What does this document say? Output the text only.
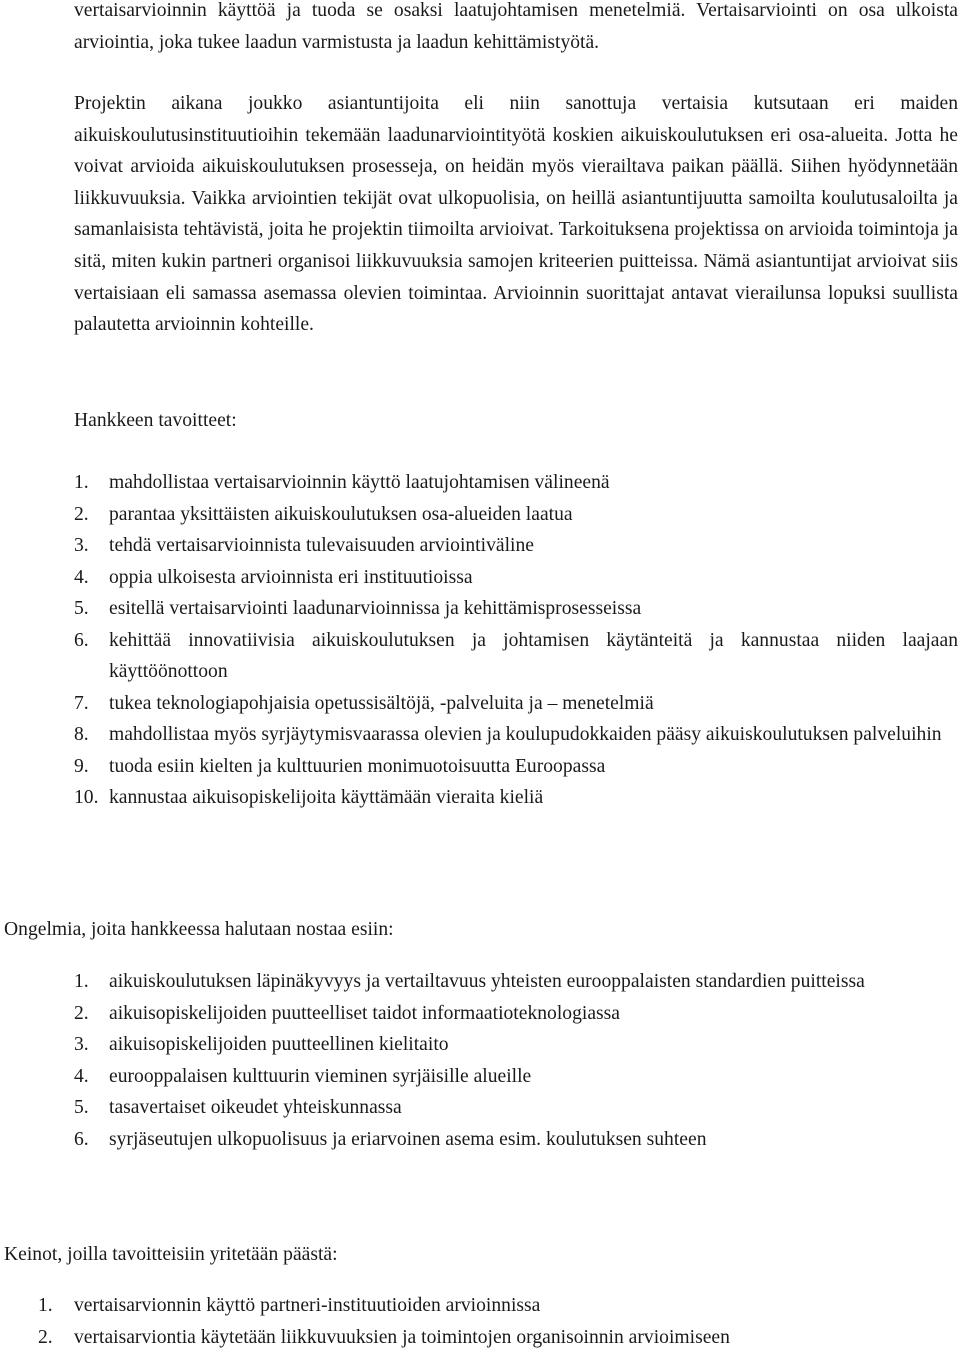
vertaisarvioinnin käyttöä ja tuoda se osaksi laatujohtamisen menetelmiä. Vertaisarviointi on osa ulkoista arviointia, joka tukee laadun varmistusta ja laadun kehittämistyötä.

Projektin aikana joukko asiantuntijoita eli niin sanottuja vertaisia kutsutaan eri maiden aikuiskoulutusinstituutioihin tekemään laadunarviointityötä koskien aikuiskoulutuksen eri osa-alueita. Jotta he voivat arvioida aikuiskoulutuksen prosesseja, on heidän myös vierailtava paikan päällä. Siihen hyödynnetään liikkuvuuksia. Vaikka arviointien tekijät ovat ulkopuolisia, on heillä asiantuntijuutta samoilta koulutusaloilta ja samanlaisista tehtävistä, joita he projektin tiimoilta arvioivat. Tarkoituksena projektissa on arvioida toimintoja ja sitä, miten kukin partneri organisoi liikkuvuuksia samojen kriteerien puitteissa. Nämä asiantuntijat arvioivat siis vertaisiaan eli samassa asemassa olevien toimintaa. Arvioinnin suorittajat antavat vierailunsa lopuksi suullista palautetta arvioinnin kohteille.

Hankkeen tavoitteet:

1.	mahdollistaa vertaisarvioinnin käyttö laatujohtamisen välineenä
2.	parantaa yksittäisten aikuiskoulutuksen osa-alueiden laatua
3.	tehdä vertaisarvioinnista tulevaisuuden arviointiväline
4.	oppia ulkoisesta arvioinnista eri instituutioissa
5.	esitellä vertaisarviointi laadunarvioinnissa ja kehittämisprosesseissa
6.	kehittää innovatiivisia aikuiskoulutuksen ja johtamisen käytänteitä ja kannustaa niiden laajaan käyttöönottoon
7.	tukea teknologiapohjaisia opetussisältöjä, -palveluita ja – menetelmiä
8.	mahdollistaa myös syrjäytymisvaarassa olevien ja koulupudokkaiden pääsy aikuiskoulutuksen palveluihin
9.	tuoda esiin kielten ja kulttuurien monimuotoisuutta Euroopassa
10. kannustaa aikuisopiskelijoita käyttämään vieraita kieliä

Ongelmia, joita hankkeessa halutaan nostaa esiin:

1.	aikuiskoulutuksen läpinäkyvyys ja vertailtavuus yhteisten eurooppalaisten standardien puitteissa
2.	aikuisopiskelijoiden puutteelliset taidot informaatioteknologiassa
3.	aikuisopiskelijoiden puutteellinen kielitaito
4.	eurooppalaisen kulttuurin vieminen syrjäisille alueille
5.	tasavertaiset oikeudet yhteiskunnassa
6.	syrjäseutujen ulkopuolisuus ja eriarvoinen asema esim. koulutuksen suhteen

Keinot, joilla tavoitteisiin yritetään päästä:

1.	vertaisarvionnin käyttö partneri-instituutioiden arvioinnissa
2.	vertaisarviontia käytetään liikkuvuuksien ja toimintojen organisoinnin arvioimiseen
